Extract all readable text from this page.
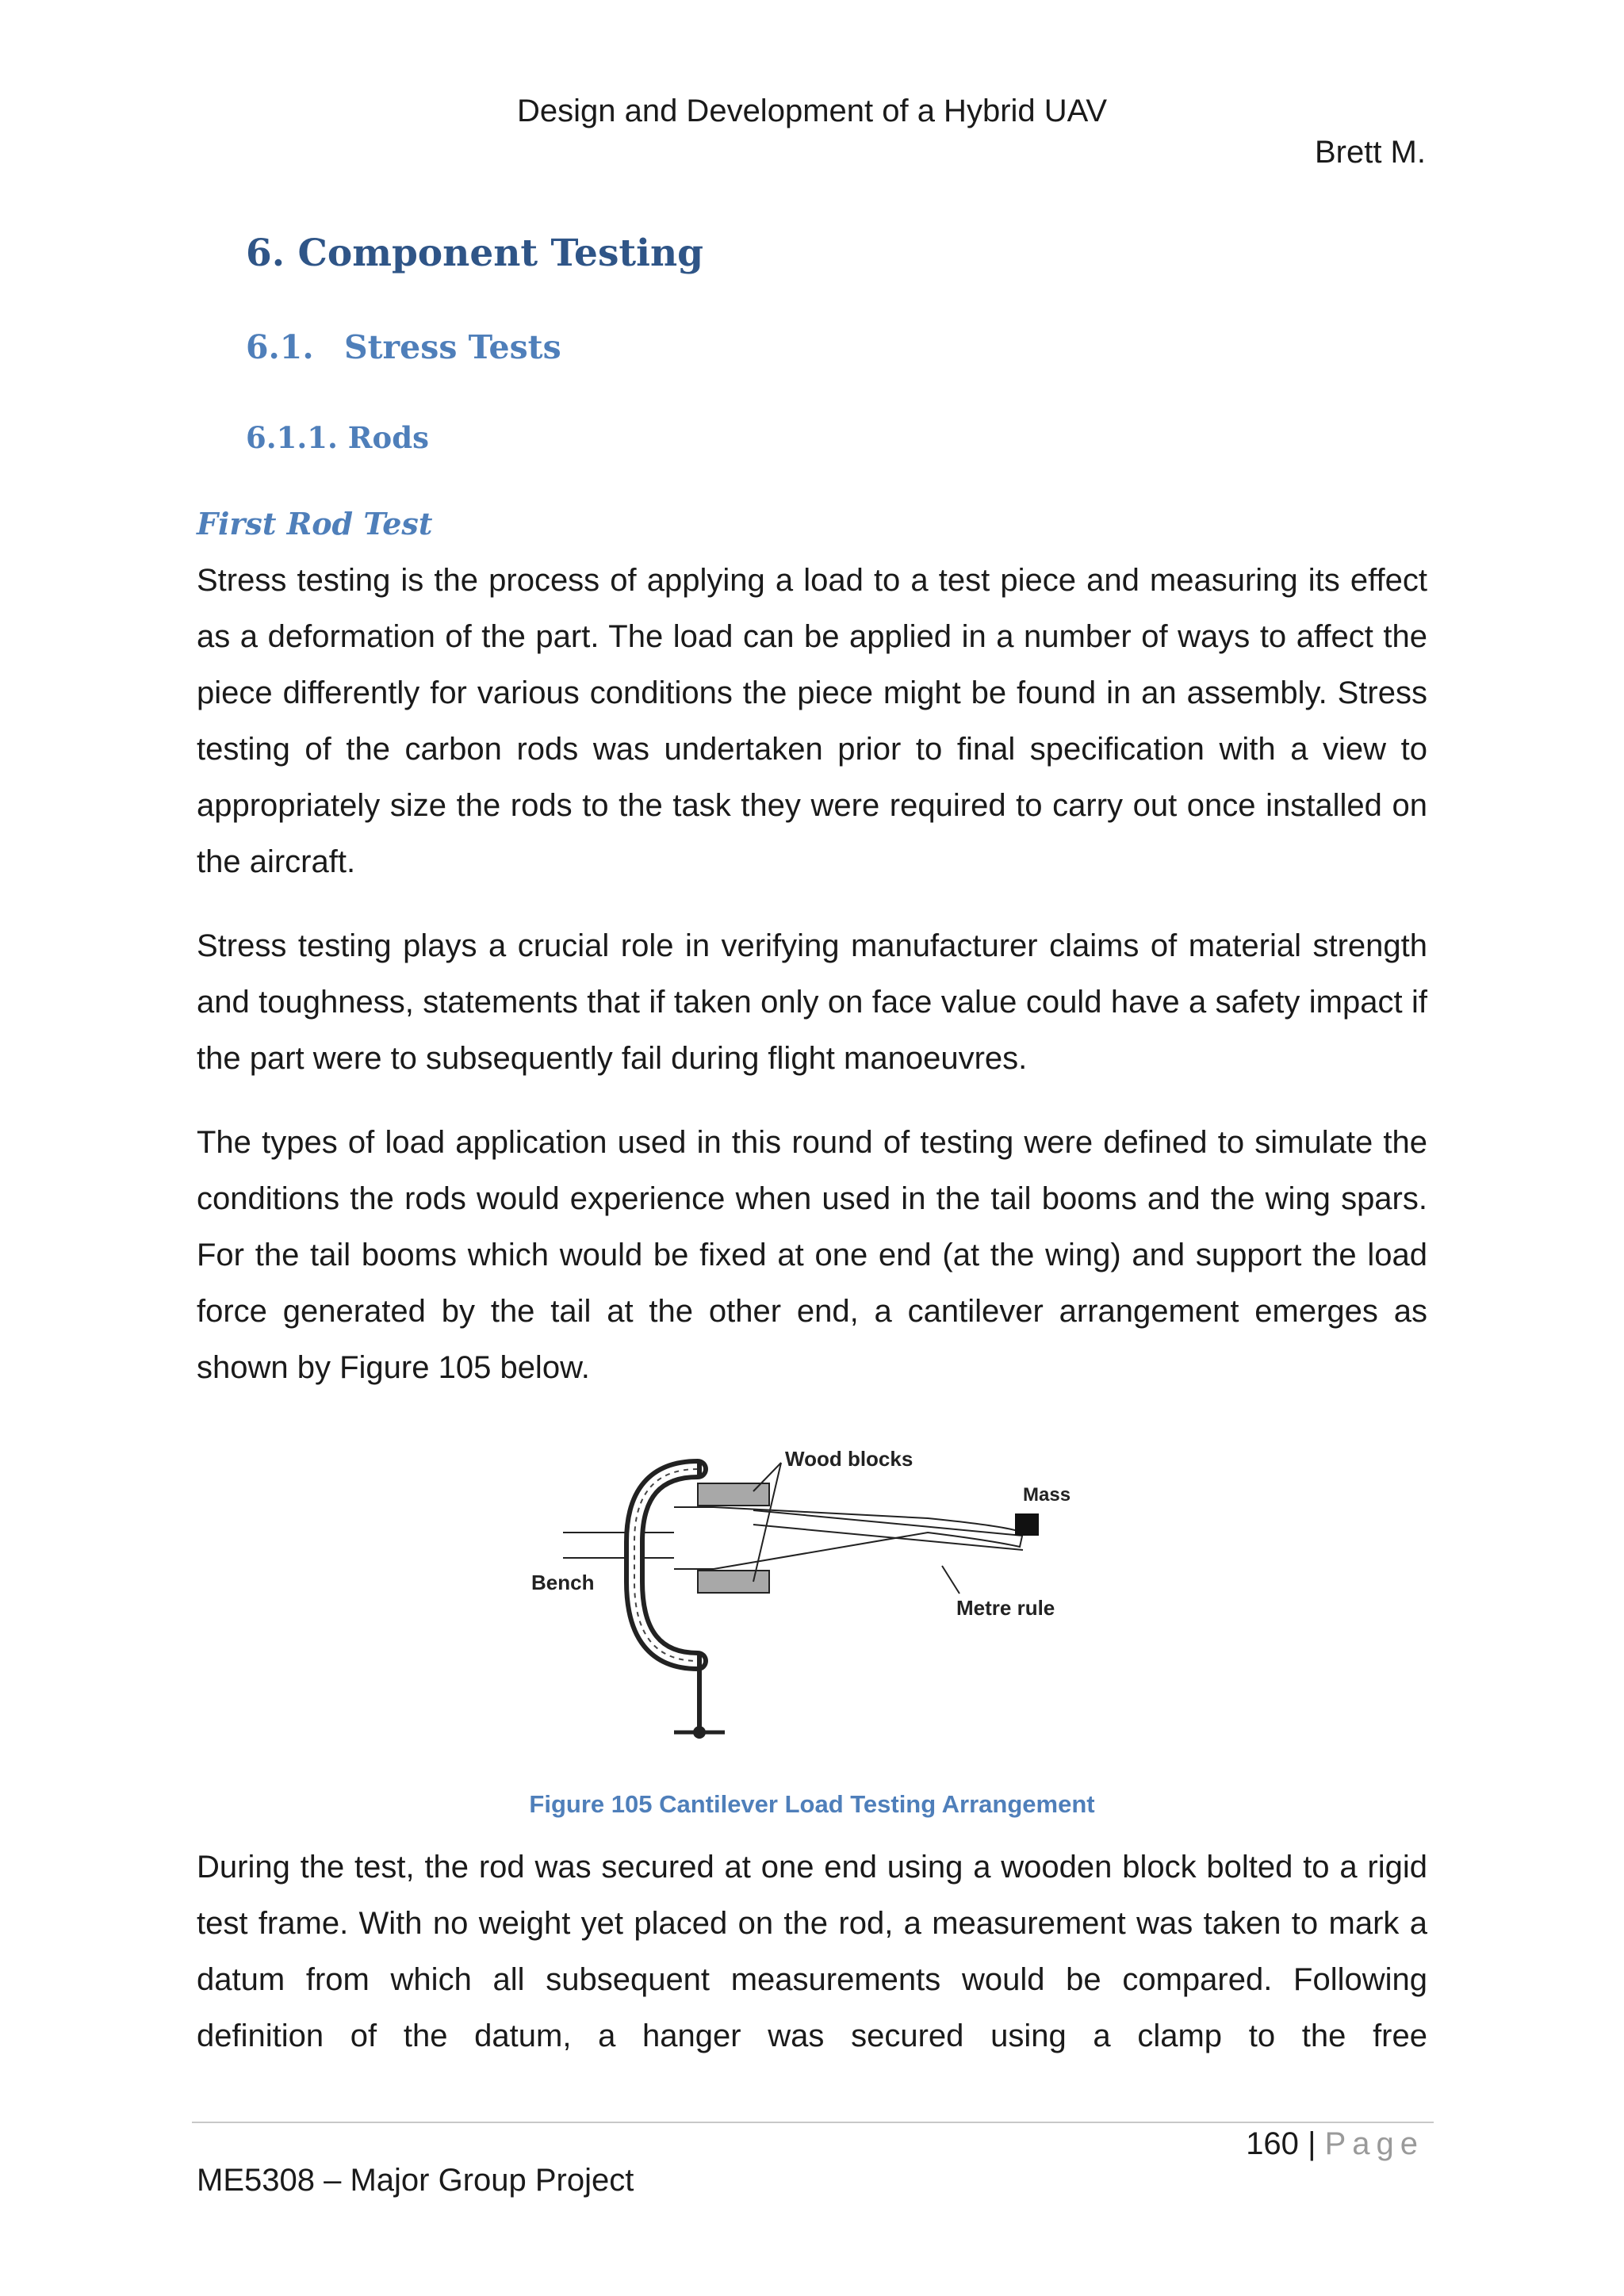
Design and Development of a Hybrid UAV
Brett M.
6. Component Testing
6.1. Stress Tests
6.1.1. Rods
First Rod Test
Stress testing is the process of applying a load to a test piece and measuring its effect as a deformation of the part. The load can be applied in a number of ways to affect the piece differently for various conditions the piece might be found in an assembly. Stress testing of the carbon rods was undertaken prior to final specification with a view to appropriately size the rods to the task they were required to carry out once installed on the aircraft.
Stress testing plays a crucial role in verifying manufacturer claims of material strength and toughness, statements that if taken only on face value could have a safety impact if the part were to subsequently fail during flight manoeuvres.
The types of load application used in this round of testing were defined to simulate the conditions the rods would experience when used in the tail booms and the wing spars. For the tail booms which would be fixed at one end (at the wing) and support the load force generated by the tail at the other end, a cantilever arrangement emerges as shown by Figure 105 below.
Wood blocks
Mass
Bench
Metre rule
Figure 105 Cantilever Load Testing Arrangement
During the test, the rod was secured at one end using a wooden block bolted to a rigid test frame. With no weight yet placed on the rod, a measurement was taken to mark a datum from which all subsequent measurements would be compared. Following definition of the datum, a hanger was secured using a clamp to the free
160 | Page
ME5308 – Major Group Project
